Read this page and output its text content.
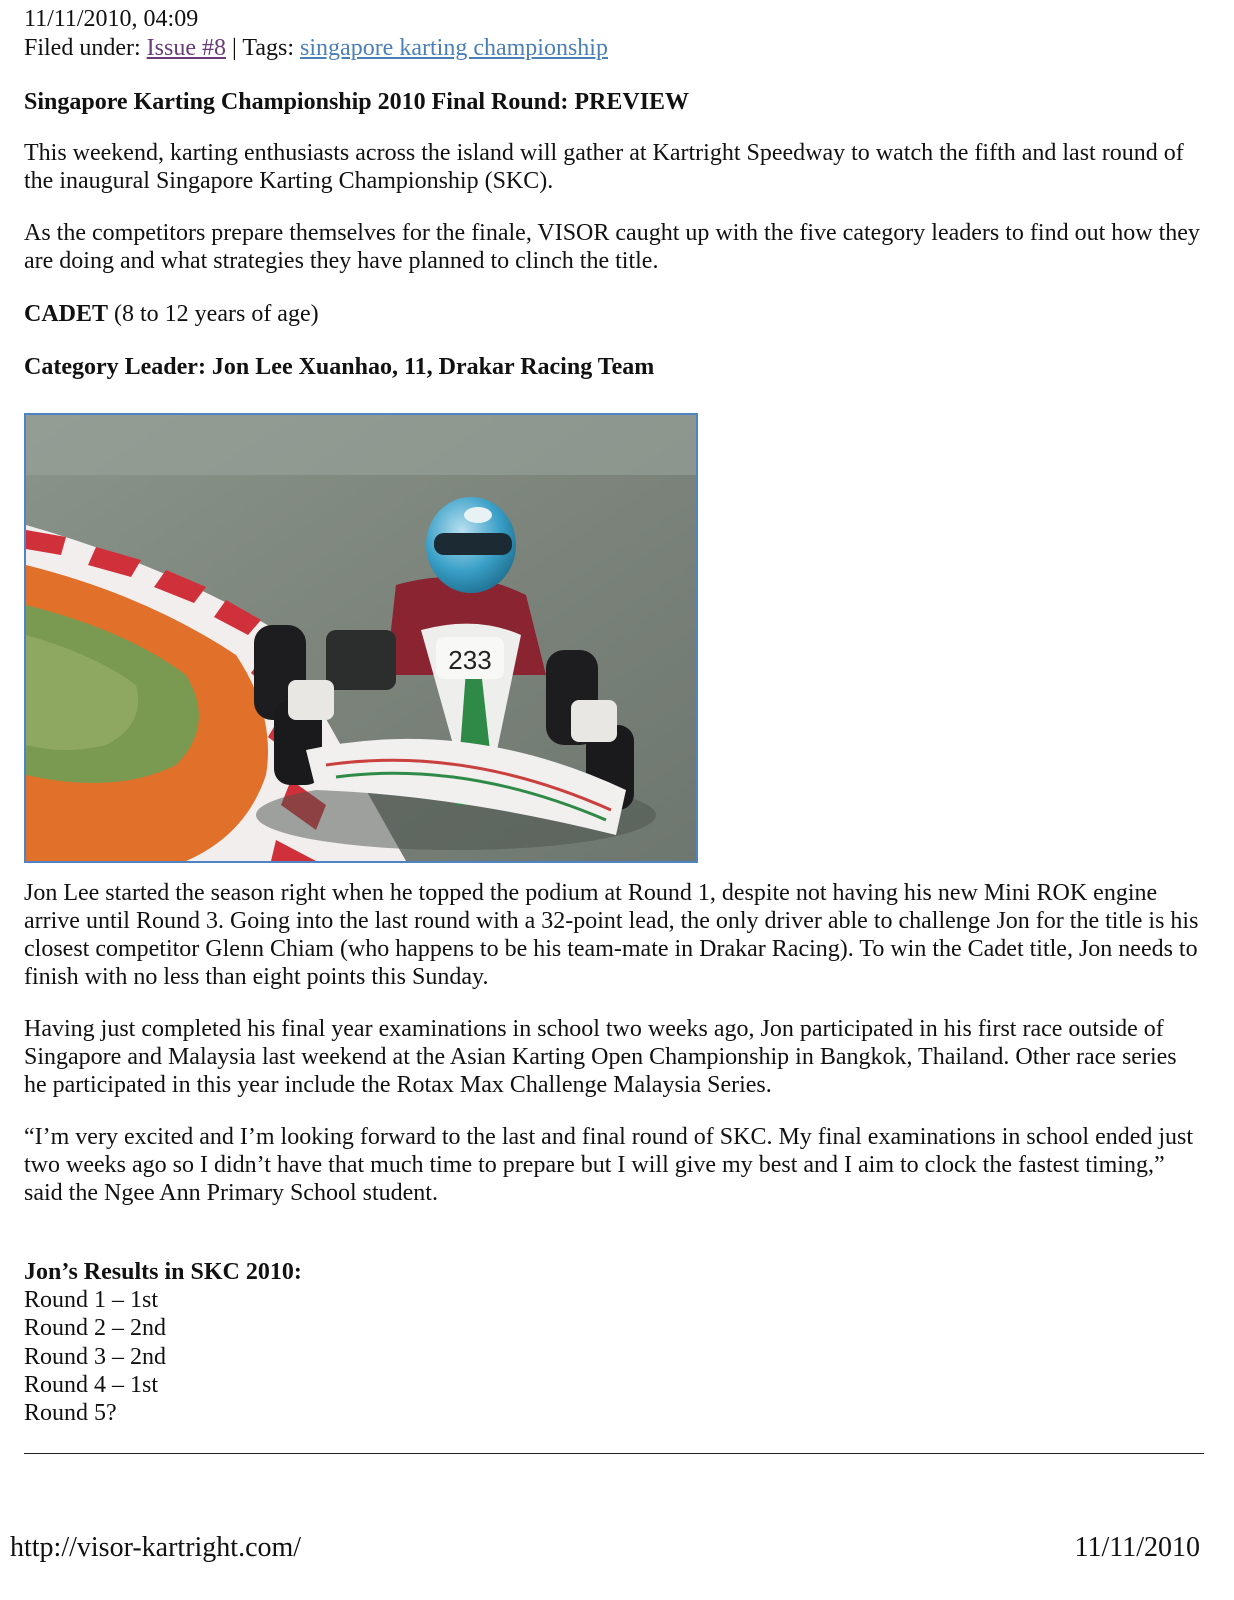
11/11/2010, 04:09

Filed under: Issue #8 | Tags: singapore karting championship

Singapore Karting Championship 2010 Final Round: PREVIEW

This weekend, karting enthusiasts across the island will gather at Kartright Speedway to watch the fifth and last round of the inaugural Singapore Karting Championship (SKC).

As the competitors prepare themselves for the finale, VISOR caught up with the five category leaders to find out how they are doing and what strategies they have planned to clinch the title.

CADET (8 to 12 years of age)

Category Leader: Jon Lee Xuanhao, 11, Drakar Racing Team

233

Jon Lee started the season right when he topped the podium at Round 1, despite not having his new Mini ROK engine arrive until Round 3. Going into the last round with a 32-point lead, the only driver able to challenge Jon for the title is his closest competitor Glenn Chiam (who happens to be his team-mate in Drakar Racing). To win the Cadet title, Jon needs to finish with no less than eight points this Sunday.

Having just completed his final year examinations in school two weeks ago, Jon participated in his first race outside of Singapore and Malaysia last weekend at the Asian Karting Open Championship in Bangkok, Thailand. Other race series he participated in this year include the Rotax Max Challenge Malaysia Series.

“I’m very excited and I’m looking forward to the last and final round of SKC. My final examinations in school ended just two weeks ago so I didn’t have that much time to prepare but I will give my best and I aim to clock the fastest timing,” said the Ngee Ann Primary School student.

Jon’s Results in SKC 2010:
Round 1 – 1st
Round 2 – 2nd
Round 3 – 2nd
Round 4 – 1st
Round 5?
http://visor-kartright.com/	11/11/2010
